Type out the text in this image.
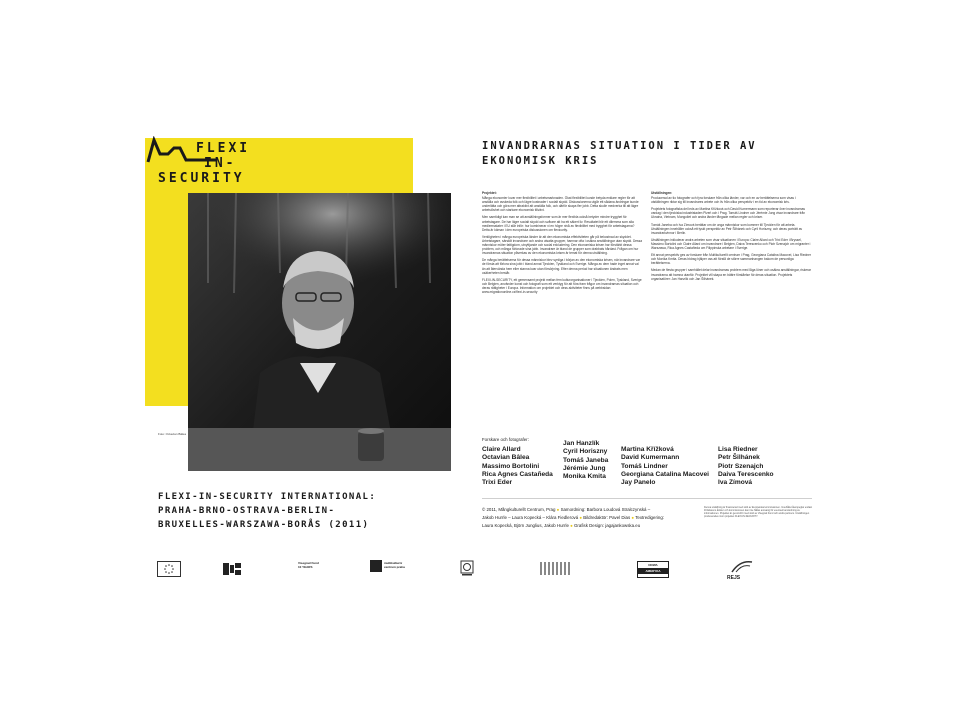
FLEXI
IN-
SECURITY
Foto: Octavian Bâlea
FLEXI-IN-SECURITY INTERNATIONAL:
PRAHA-BRNO-OSTRAVA-BERLIN-
BRUXELLES-WARSZAWA-BORÅS (2011)
INVANDRARNAS SITUATION I TIDER AV
EKONOMISK KRIS

Projektet:

Många ekonomier lovar mer flexibilitet i arbetsmarknaden. Ökat flexibilitet kunde betyda enklare regler för att anställa och avskeda folk och lägre kostnader i socialt skydd. Diskussionerna utgår ett sådana ändringar kunde underlätta och göra mer attraktivt att anställa folk, och därför skapa fler jobb. Detta skulle medverka till att lägre arbetslöshet och starkare ekonomisk tillväxt.

Men samtidigt kan man se att anställningsformer som är mer flexibla också betyder mindre trygghet för arbetstagare. De har lägre socialt skydd och svårare att ha ett säkert liv. Resultatet blir ett dilemma som alla medlemsstater i EU står inför: hur kombinerar vi en högre nivå av flexibilitet med trygghet för arbetstagarna? Detta är kärnan i den europeiska diskussionen om flexicurity.

Verkligheten i många europeiska länder är att den ekonomiska effektiviteten går på bekostnad av skyddet. Arbetstagare, särskilt invandrare och andra utsatta grupper, hamnar ofta i osäkra anställningar utan skydd. Dessa människor möter fattigdom, utnyttjande och social exkludering. Den ekonomiska krisen har förstärkt dessa problem, och många förlorade sina jobb. Invandrare är bland de grupper som drabbats hårdast. Frågan om hur invandrarnas situation påverkas av den ekonomiska krisen är temat för denna utställning.

De många berättelserna för dessa människor blev synliga i början av den ekonomiska krisen, när invandrare var de första att förlora sina jobb i bland annat Tjeckien, Tyskland och Sverige. Många av dem hade inget annat val än att återvända hem eller stanna kvar utan försörjning. Efter denna period har situationen ändrats men osäkerheten består.

FLEXI-IN-SECURITY, ett gemensamt projekt mellan fem kulturorganisationer i Tjeckien, Polen, Tyskland, Sverige och Belgien, använder konst och fotografi som ett verktyg för att föra fram frågor om invandrarnas situation och deras rättigheter i Europa. Information om projektet och dess aktiviteter finns på webbsidan www.migrationonline.cz/flexi-in-security

Utställningen:

Producerad av tio fotografer och fyra forskare från olika länder, var och en av berättelserna som visas i utställningen riktar sig till invandrares arbete och liv från olika perspektiv i en tid av ekonomisk kris.

Projektets fotografiska del leds av Martina Křížková och David Kumermann som reporterar över invandrarnas vardag i den tjeckiska industristaden Plzeň och i Prag. Tomáš Lindner och Jérémie Jung visar invandrare från Ukraina, Vietnam, Mongoliet och andra länder fångade mellan regler och kriser.

Tomáš Janeba och Iva Zímová berättar om de unga människor som kommer till Tjeckien för att arbeta. Utställningen innehåller också ett tyskt perspektiv av Petr Šilhánek och Cyril Horiszny, och deras porträtt av invandrarkvinnor i Berlin.

Utställningen inkluderar andra arbeten som visar situationen i Europa: Claire Allard och Trixi Eder i Bryssel, Massimo Bortolini och Claire Allard om invandrare i Belgien, Daiva Terescenko och Piotr Szenajch om migranter i Warszawa, Rica Agnes Castañeda om Filippinska arbetare i Sverige.

Ett annat perspektiv ges av forskare från Multikulturellt centrum i Prag, Georgiana Catalina Macovei, Lisa Riedner och Monika Kmita. Deras bidrag hjälper oss att förstå de större sammanhangen bakom de personliga berättelserna.

Medan de flesta grupper i samhället delar invandrarnas problem med låga löner och osäkra anställningar, riskerar invandrarna att hamna utanför. Projektet vill skapa en bättre förståelse för deras situation. Projektets organisatörer: Jan Hanzlík och Jan Šilhánek.

Forskare och fotografer:
Claire Allard
Octavian Bâlea
Massimo Bortolini
Rica Agnes Castañeda
Trixi Eder
Jan Hanzlík
Cyril Horiszny
Tomáš Janeba
Jérémie Jung
Monika Kmita
Martina Křížková
David Kumermann
Tomáš Lindner
Georgiana Catalina Macovei
Jay Panelo
Lisa Riedner
Petr Šilhánek
Piotr Szenajch
Daiva Terescenko
Iva Zímová
© 2011, Mångkulturellt Centrum, Prag ● Samordning: Barbora Loudová Stralczynská –
Jakob Hurrle – Laura Kopecká – Klára Fiedlerová ● Bildredaktör: Pavel Dias ● Textredigering:
Laura Kopecká, Björn Junglius, Jakob Hurrle ● Grafisk Design: jagajankowska.eu
Denna utställning är finansierad med stöd av Europeiska kommissionen. Innehållet återspeglar endast författarens åsikter och kommissionen kan inte hållas ansvarig för eventuell användning av informationen. Projektet är genomfört med stöd av Visegrad Fund och andra partners. Utställningen producerades inom projektet FLEXI-IN-SECURITY.
Visegrad Fund
10 YEARS
multikulturní centrum praha	NOWA
AMERYKA
REJS
